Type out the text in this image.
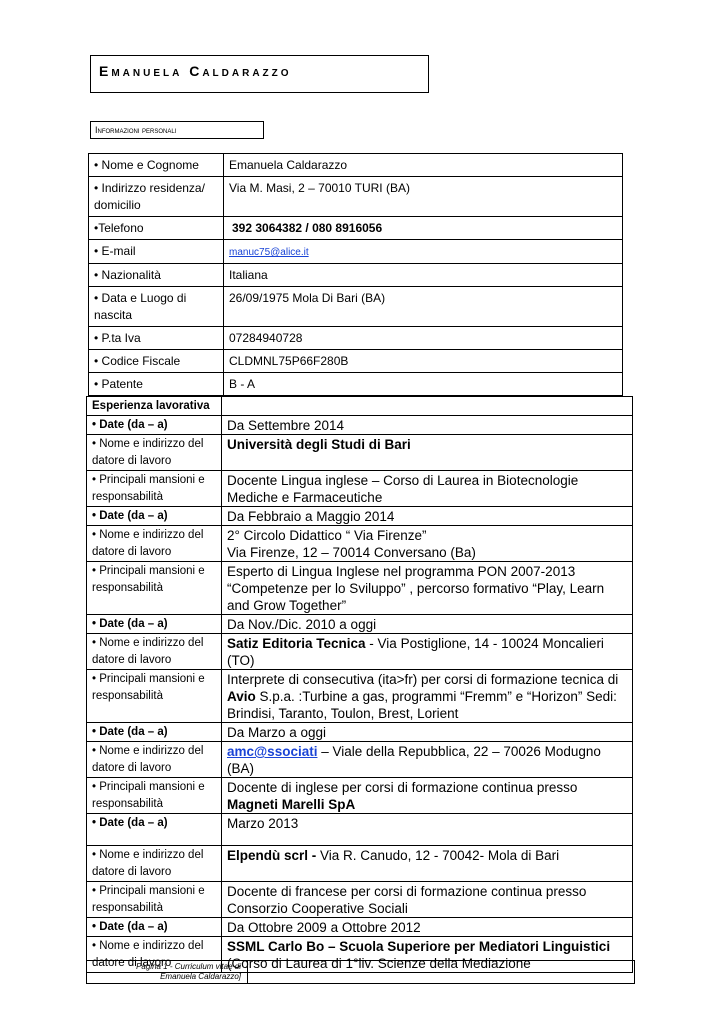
Emanuela Caldarazzo
Informazioni personali
• Nome e Cognome	Emanuela Caldarazzo
• Indirizzo residenza/ domicilio	Via M. Masi, 2 – 70010 TURI (BA)
•Telefono	392 3064382 / 080 8916056
• E-mail	manuc75@alice.it
• Nazionalità	Italiana
• Data e Luogo di nascita	26/09/1975 Mola Di Bari (BA)
• P.ta Iva	07284940728
• Codice Fiscale	CLDMNL75P66F280B
• Patente	B - A
Esperienza lavorativa	
• Date (da – a)	Da Settembre 2014
• Nome e indirizzo del datore di lavoro	Università degli Studi di Bari
• Principali mansioni e responsabilità	Docente Lingua inglese – Corso di Laurea in Biotecnologie Mediche e Farmaceutiche
• Date (da – a)	Da Febbraio a Maggio 2014
• Nome e indirizzo del datore di lavoro	2° Circolo Didattico “ Via Firenze”
Via Firenze, 12 – 70014 Conversano (Ba)
• Principali mansioni e responsabilità	Esperto di Lingua Inglese nel programma PON 2007-2013 “Competenze per lo Sviluppo” , percorso formativo “Play, Learn and Grow Together”
• Date (da – a)	Da Nov./Dic. 2010 a oggi
• Nome e indirizzo del datore di lavoro	Satiz Editoria Tecnica - Via Postiglione, 14 - 10024 Moncalieri (TO)
• Principali mansioni e responsabilità	Interprete di consecutiva (ita>fr) per corsi di formazione tecnica di Avio S.p.a. :Turbine a gas, programmi “Fremm” e “Horizon” Sedi: Brindisi, Taranto, Toulon, Brest, Lorient
• Date (da – a)	Da Marzo a oggi
• Nome e indirizzo del datore di lavoro	amc@ssociati – Viale della Repubblica, 22 – 70026 Modugno (BA)
• Principali mansioni e responsabilità	Docente di inglese per corsi di formazione continua presso
Magneti Marelli SpA
• Date (da – a)	Marzo 2013
• Nome e indirizzo del datore di lavoro	Elpendù scrl - Via R. Canudo, 12 - 70042- Mola di Bari
• Principali mansioni e responsabilità	Docente di francese per corsi di formazione continua presso Consorzio Cooperative Sociali
• Date (da – a)	Da Ottobre 2009 a Ottobre 2012
• Nome e indirizzo del datore di lavoro	SSML Carlo Bo – Scuola Superiore per Mediatori Linguistici (Corso di Laurea di 1°liv. Scienze della Mediazione
Pagina 1 - Curriculum vitae di
Emanuela Caldarazzo]
